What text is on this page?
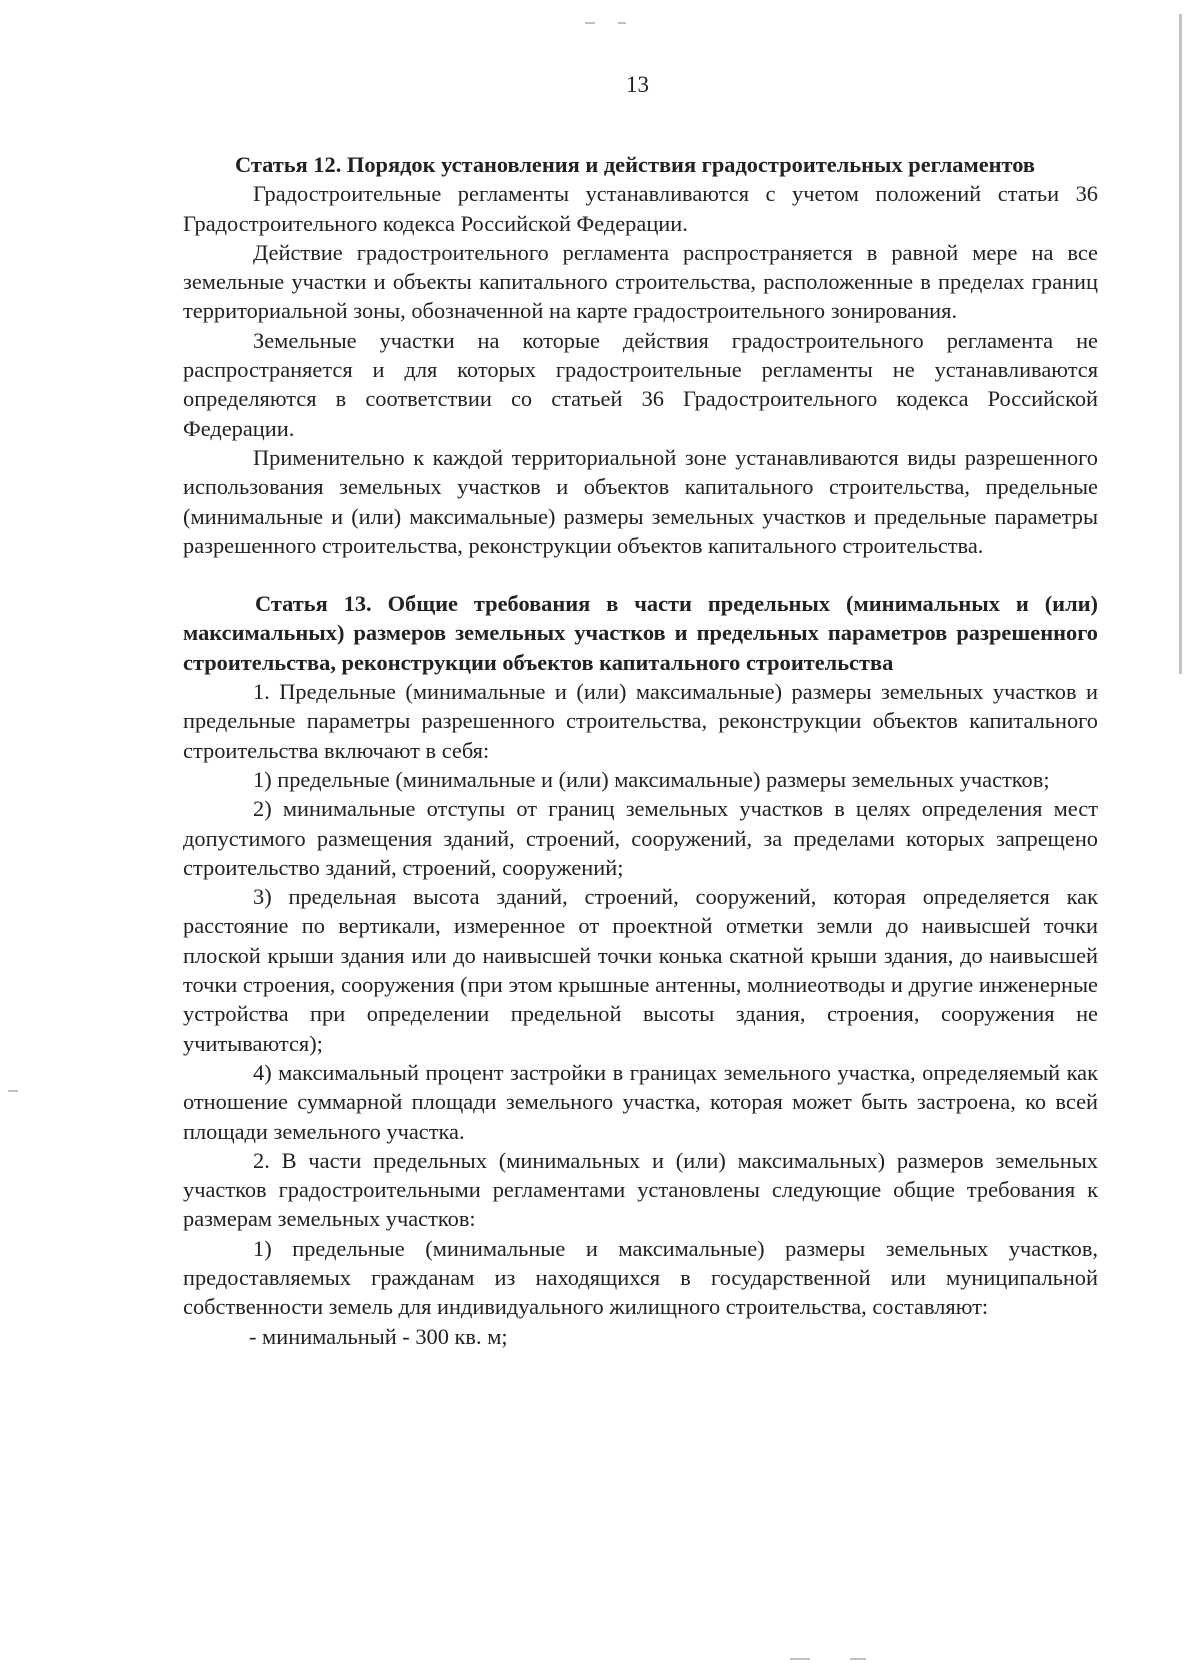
13

Статья 12. Порядок установления и действия градостроительных регламентов

Градостроительные регламенты устанавливаются с учетом положений статьи 36 Градостроительного кодекса Российской Федерации.

Действие градостроительного регламента распространяется в равной мере на все земельные участки и объекты капитального строительства, расположенные в пределах границ территориальной зоны, обозначенной на карте градостроительного зонирования.

Земельные участки на которые действия градостроительного регламента не распространяется и для которых градостроительные регламенты не устанавливаются определяются в соответствии со статьей 36 Градостроительного кодекса Российской Федерации.

Применительно к каждой территориальной зоне устанавливаются виды разрешенного использования земельных участков и объектов капитального строительства, предельные (минимальные и (или) максимальные) размеры земельных участков и предельные параметры разрешенного строительства, реконструкции объектов капитального строительства.

Статья 13. Общие требования в части предельных (минимальных и (или) максимальных) размеров земельных участков и предельных параметров разрешенного строительства, реконструкции объектов капитального строительства

1. Предельные (минимальные и (или) максимальные) размеры земельных участков и предельные параметры разрешенного строительства, реконструкции объектов капитального строительства включают в себя:

1) предельные (минимальные и (или) максимальные) размеры земельных участков;

2) минимальные отступы от границ земельных участков в целях определения мест допустимого размещения зданий, строений, сооружений, за пределами которых запрещено строительство зданий, строений, сооружений;

3) предельная высота зданий, строений, сооружений, которая определяется как расстояние по вертикали, измеренное от проектной отметки земли до наивысшей точки плоской крыши здания или до наивысшей точки конька скатной крыши здания, до наивысшей точки строения, сооружения (при этом крышные антенны, молниеотводы и другие инженерные устройства при определении предельной высоты здания, строения, сооружения не учитываются);

4) максимальный процент застройки в границах земельного участка, определяемый как отношение суммарной площади земельного участка, которая может быть застроена, ко всей площади земельного участка.

2. В части предельных (минимальных и (или) максимальных) размеров земельных участков градостроительными регламентами установлены следующие общие требования к размерам земельных участков:

1) предельные (минимальные и максимальные) размеры земельных участков, предоставляемых гражданам из находящихся в государственной или муниципальной собственности земель для индивидуального жилищного строительства, составляют:

- минимальный - 300 кв. м;
